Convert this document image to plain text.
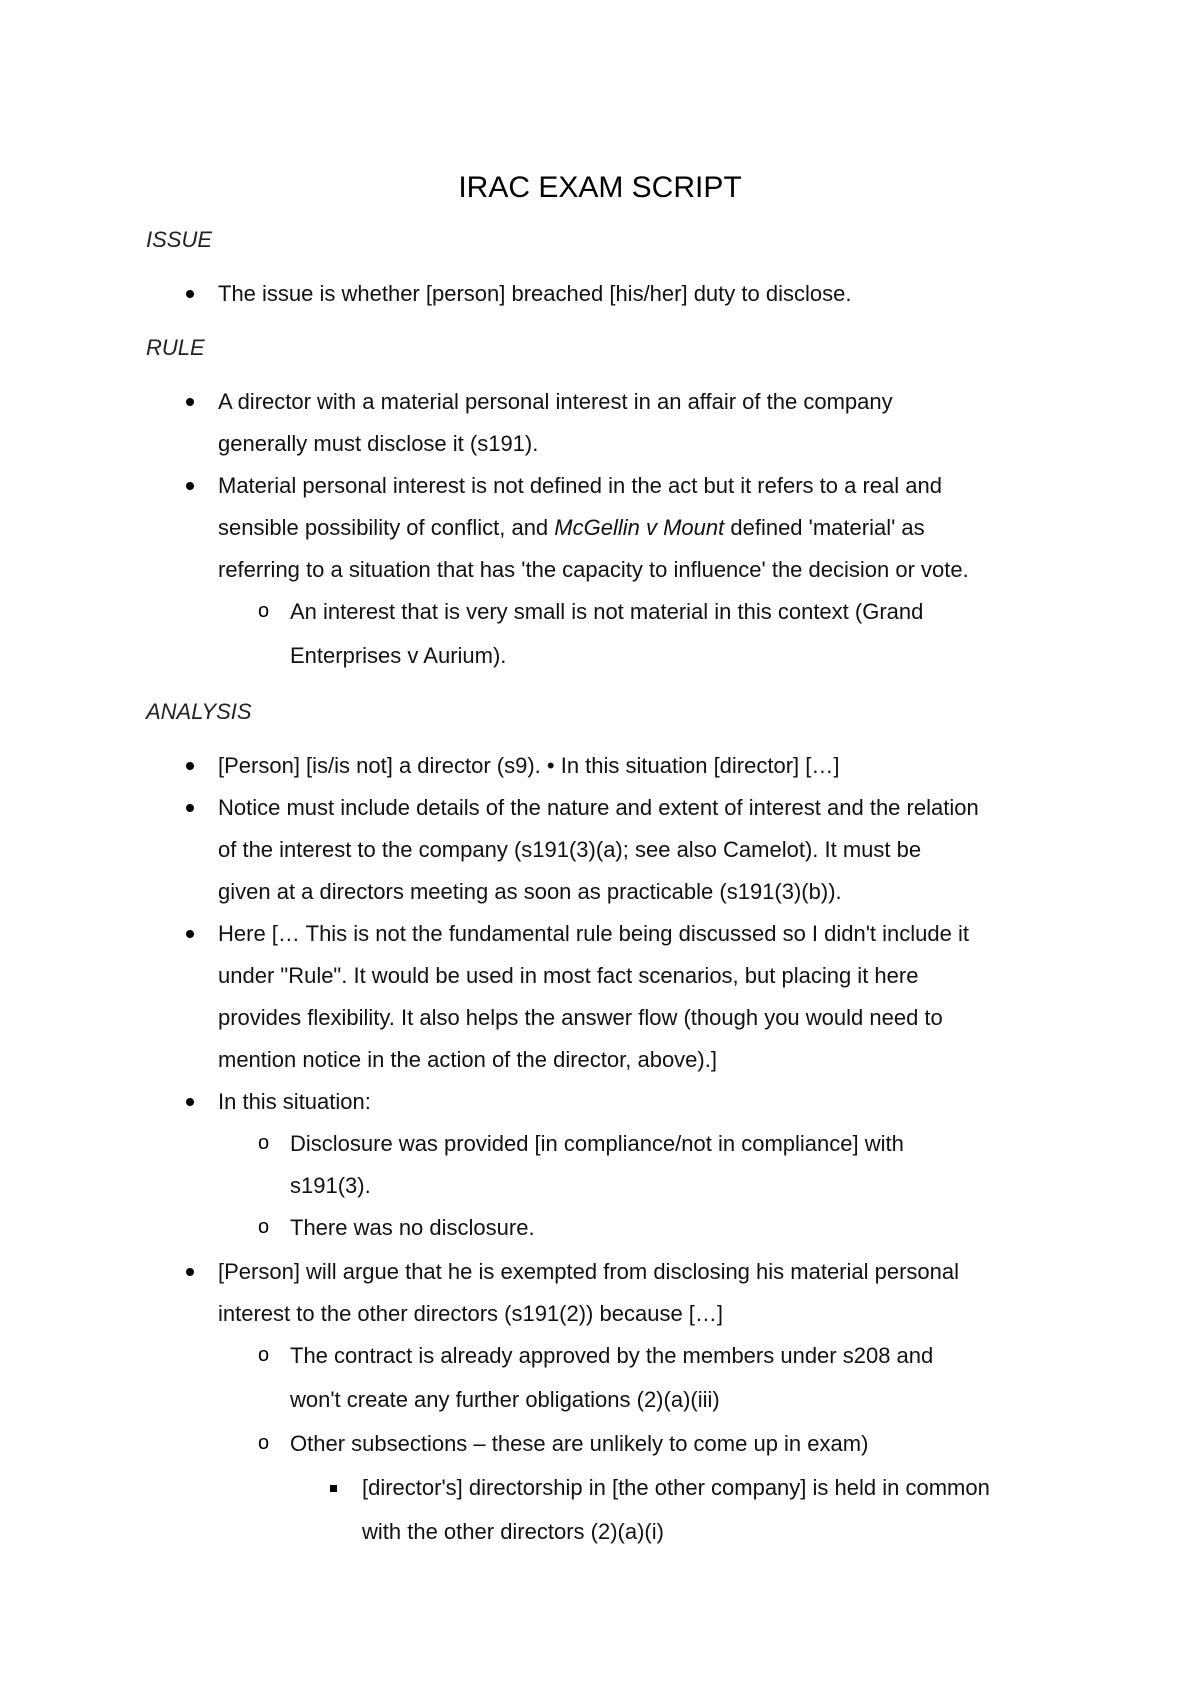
IRAC EXAM SCRIPT
ISSUE
The issue is whether [person] breached [his/her] duty to disclose.
RULE
A director with a material personal interest in an affair of the company
generally must disclose it (s191).
Material personal interest is not defined in the act but it refers to a real and
sensible possibility of conflict, and McGellin v Mount defined 'material' as
referring to a situation that has 'the capacity to influence' the decision or vote.
o An interest that is very small is not material in this context (Grand
Enterprises v Aurium).
ANALYSIS
[Person] [is/is not] a director (s9). • In this situation [director] […]
Notice must include details of the nature and extent of interest and the relation
of the interest to the company (s191(3)(a); see also Camelot). It must be
given at a directors meeting as soon as practicable (s191(3)(b)).
Here [… This is not the fundamental rule being discussed so I didn't include it
under "Rule". It would be used in most fact scenarios, but placing it here
provides flexibility. It also helps the answer flow (though you would need to
mention notice in the action of the director, above).]
In this situation:
o Disclosure was provided [in compliance/not in compliance] with
s191(3).
o There was no disclosure.
[Person] will argue that he is exempted from disclosing his material personal
interest to the other directors (s191(2)) because […]
o The contract is already approved by the members under s208 and
won't create any further obligations (2)(a)(iii)
o Other subsections – these are unlikely to come up in exam)
[director's] directorship in [the other company] is held in common
with the other directors (2)(a)(i)
